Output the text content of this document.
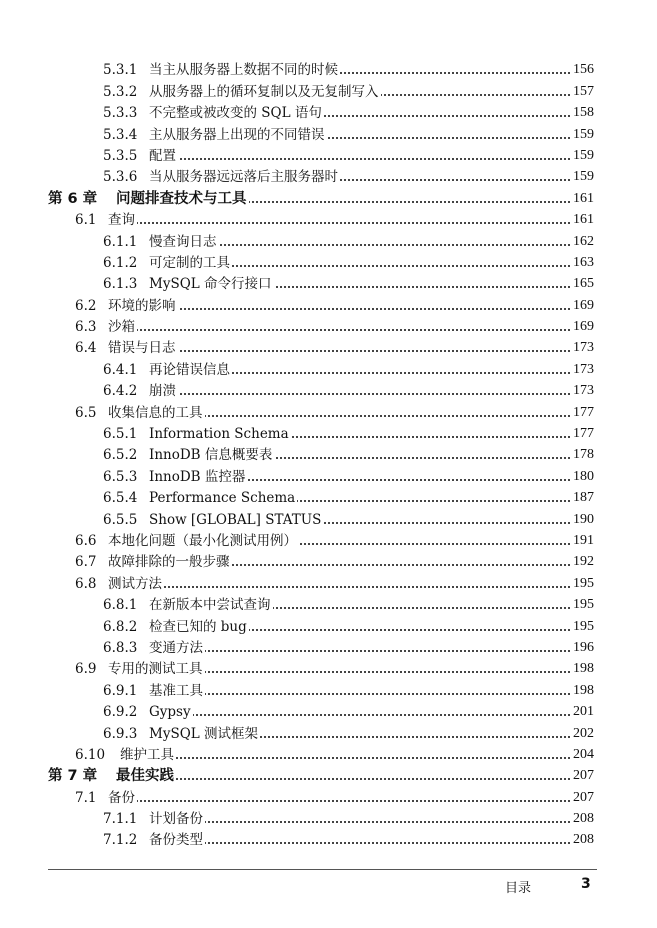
5.3.1 当主从服务器上数据不同的时候	156
5.3.2 从服务器上的循环复制以及无复制写入	157
5.3.3 不完整或被改变的 SQL 语句	158
5.3.4 主从服务器上出现的不同错误	159
5.3.5 配置	159
5.3.6 当从服务器远远落后主服务器时	159
第 6 章 问题排查技术与工具	161
6.1 查询	161
6.1.1 慢查询日志	162
6.1.2 可定制的工具	163
6.1.3 MySQL 命令行接口	165
6.2 环境的影响	169
6.3 沙箱	169
6.4 错误与日志	173
6.4.1 再论错误信息	173
6.4.2 崩溃	173
6.5 收集信息的工具	177
6.5.1 Information Schema	177
6.5.2 InnoDB 信息概要表	178
6.5.3 InnoDB 监控器	180
6.5.4 Performance Schema	187
6.5.5 Show [GLOBAL] STATUS	190
6.6 本地化问题（最小化测试用例）	191
6.7 故障排除的一般步骤	192
6.8 测试方法	195
6.8.1 在新版本中尝试查询	195
6.8.2 检查已知的 bug	195
6.8.3 变通方法	196
6.9 专用的测试工具	198
6.9.1 基准工具	198
6.9.2 Gypsy	201
6.9.3 MySQL 测试框架	202
6.10 维护工具	204
第 7 章 最佳实践	207
7.1 备份	207
7.1.1 计划备份	208
7.1.2 备份类型	208
目录	3
